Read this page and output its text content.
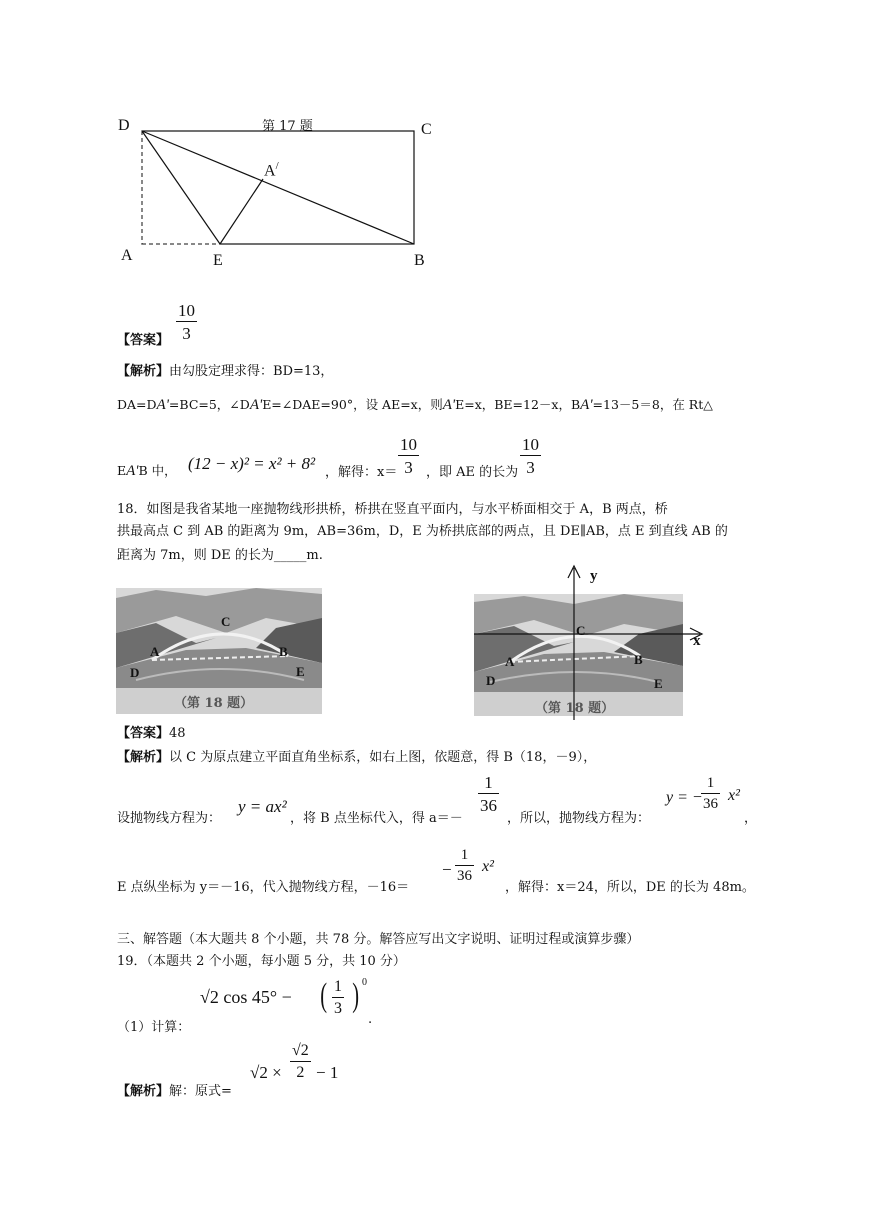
第 17 题
D	C
A/
A	E	B
$\frac{10}{3}$
【答案】
【解析】由勾股定理求得：BD=13，
DA=DA'=BC=5，∠DA'E=∠DAE=90°，设 AE=x，则A'E=x，BE=12－x，BA'=13－5＝8，在 Rt△
EA'B 中， (12 − x)² = x² + 8² ，解得：$x= \frac{10}{3}$ ，即 AE 的长为 $\frac{10}{3}$
18．如图是我省某地一座抛物线形拱桥，桥拱在竖直平面内，与水平桥面相交于 A，B 两点，桥
拱最高点 C 到 AB 的距离为 9m，AB=36m，D，E 为桥拱底部的两点，且 DE∥AB，点 E 到直线 AB 的
距离为 7m，则 DE 的长为_____m.
C
A	B
D	E
（第 18 题）
y
x
C
A	B
D	E
（第 18 题）
【答案】48
【解析】以 C 为原点建立平面直角坐标系，如右上图，依题意，得 B（18，－9），
设抛物线方程为：
y = ax²
，将 B 点坐标代入，得 a＝－
$\frac{1}{36}$
，所以，抛物线方程为：
y = −
$\frac{1}{36} x^2$
，
E 点纵坐标为 y＝－16，代入抛物线方程，－16＝
− $\frac{1}{36} x^2$
，解得：x＝24，所以，DE 的长为 48m。
三、解答题（本大题共 8 个小题，共 78 分。解答应写出文字说明、证明过程或演算步骤）
19．（本题共 2 个小题，每小题 5 分，共 10 分）
√2 cos 45° − ( $\frac{1}{3}$ ) 0
（1）计算：
.
$√2 \times \frac{√2}{2} - 1$
【解析】解：原式=
